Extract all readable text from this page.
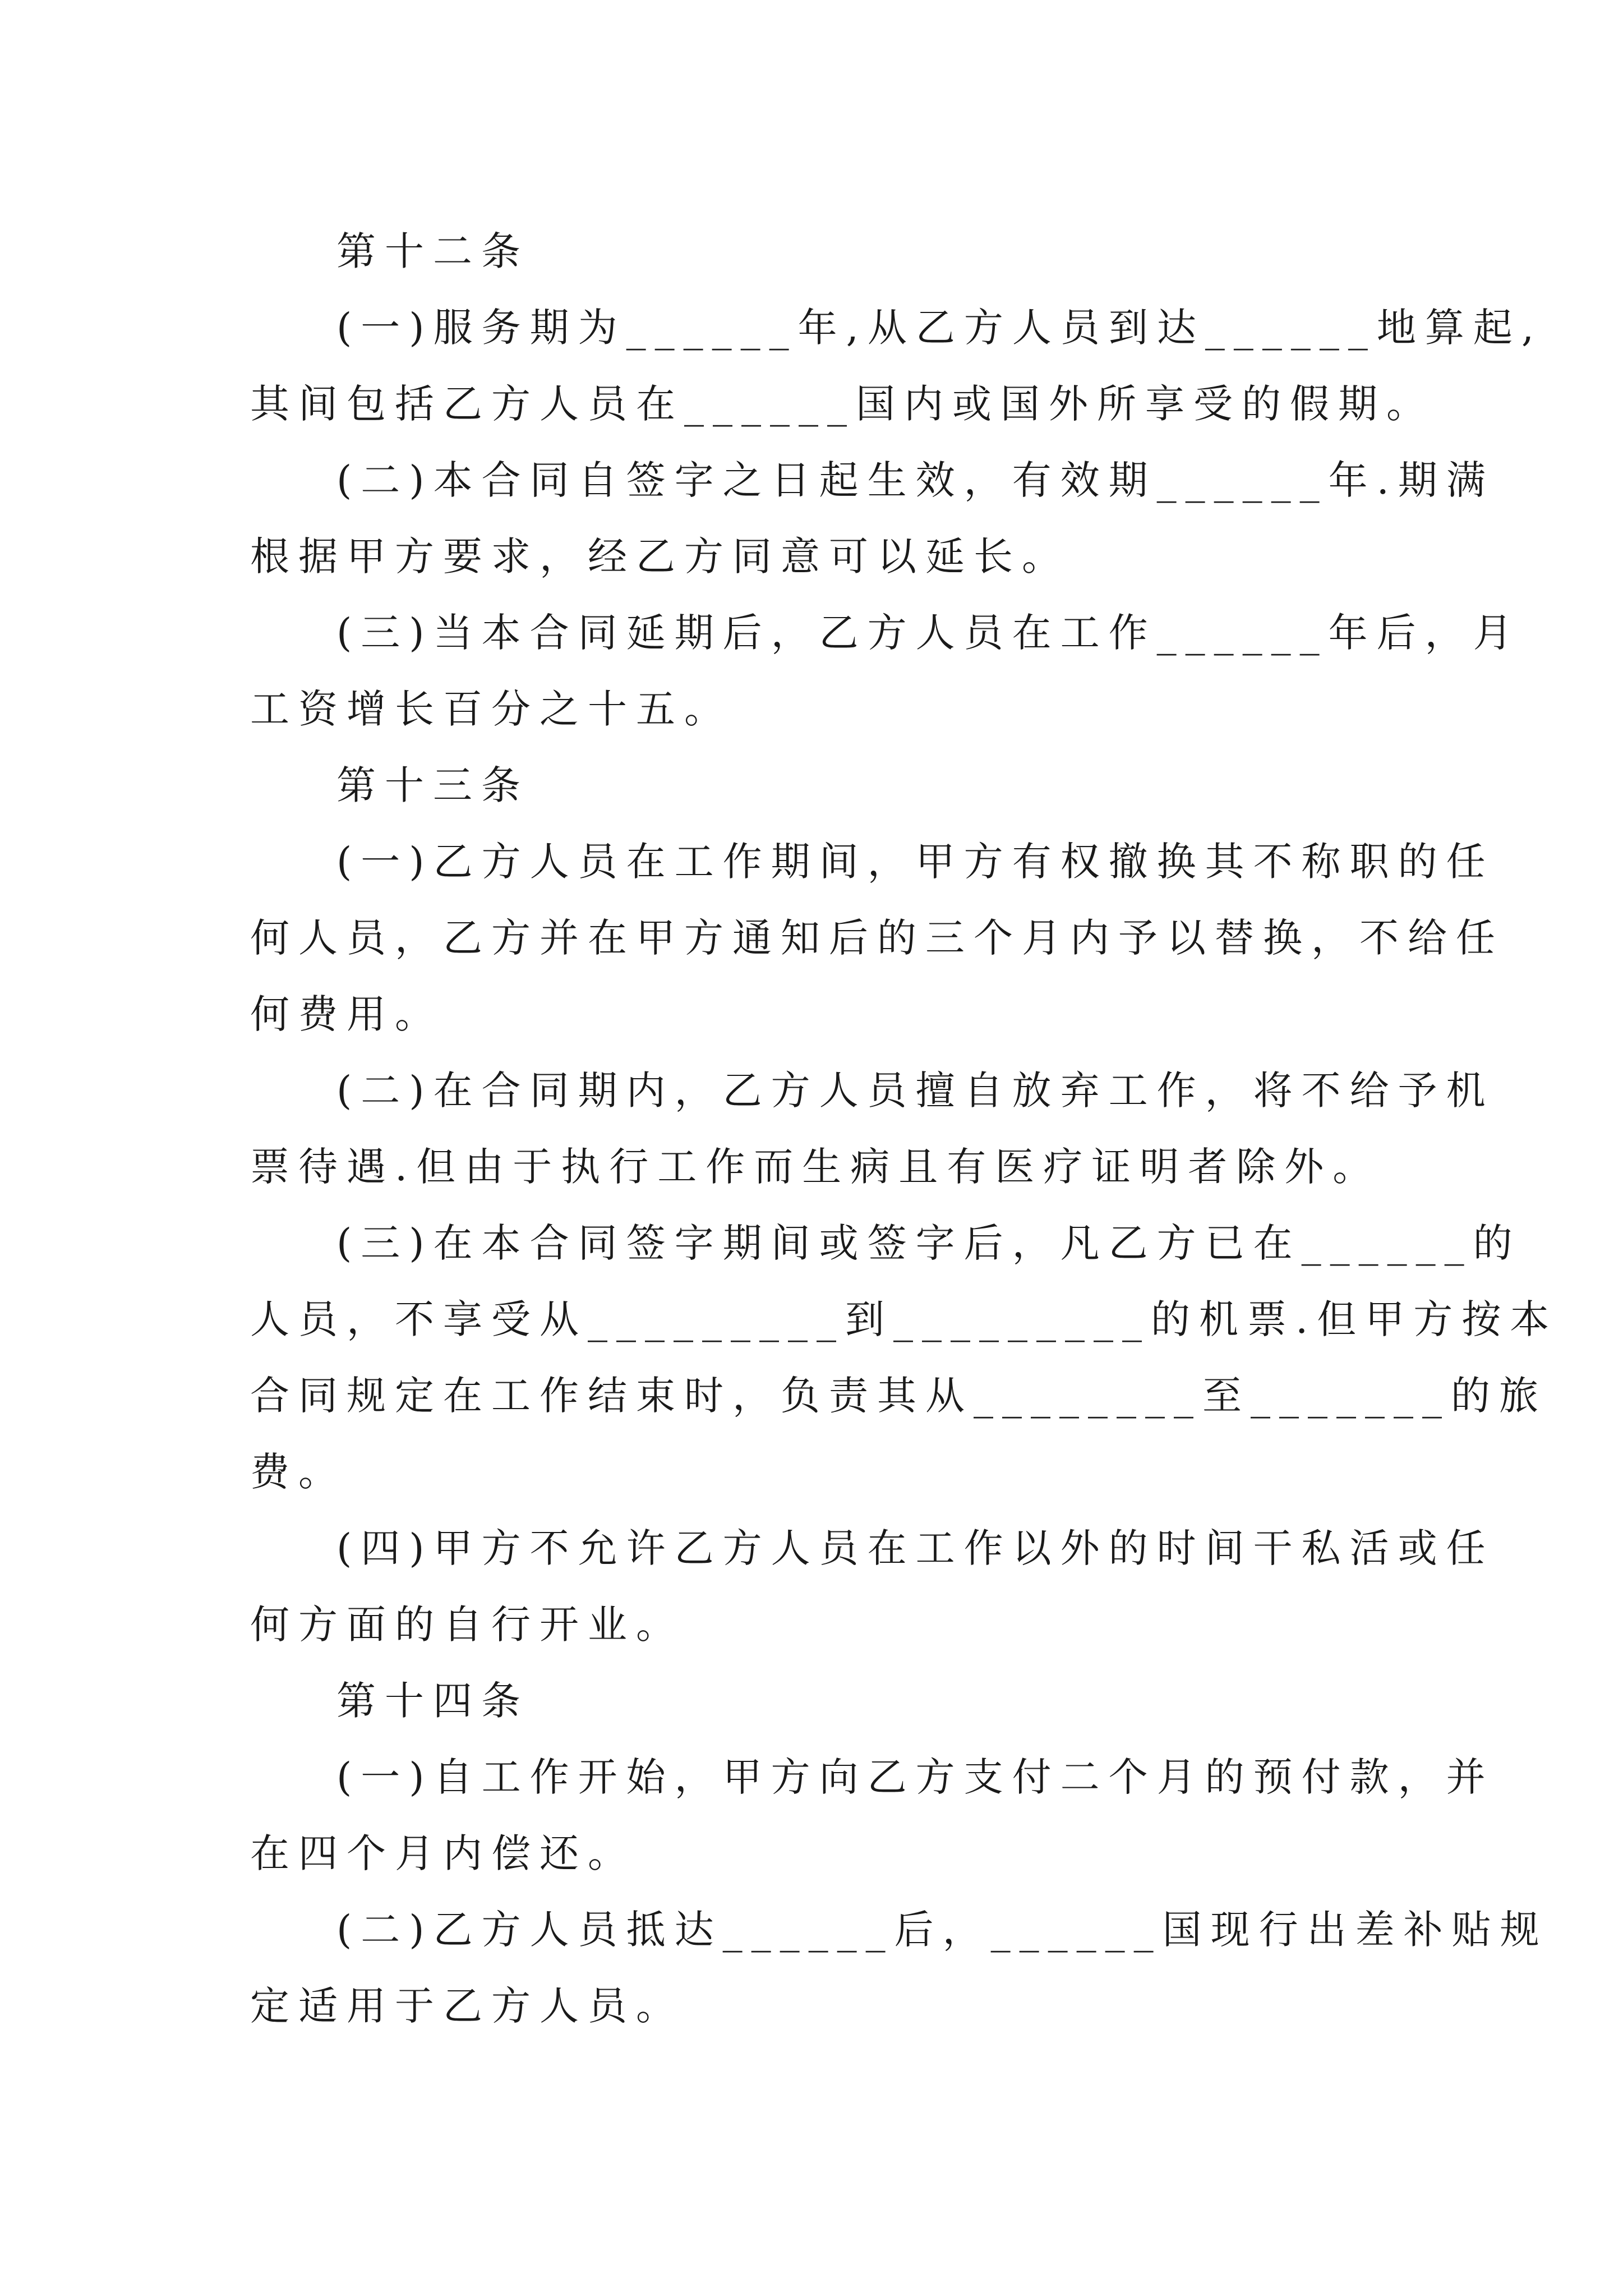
第十二条
(一)服务期为______年,从乙方人员到达______地算起,
其间包括乙方人员在______国内或国外所享受的假期。
(二)本合同自签字之日起生效，有效期______年.期满
根据甲方要求，经乙方同意可以延长。
(三)当本合同延期后，乙方人员在工作______年后，月
工资增长百分之十五。
第十三条
(一)乙方人员在工作期间，甲方有权撤换其不称职的任
何人员，乙方并在甲方通知后的三个月内予以替换，不给任
何费用。
(二)在合同期内，乙方人员擅自放弃工作，将不给予机
票待遇.但由于执行工作而生病且有医疗证明者除外。
(三)在本合同签字期间或签字后，凡乙方已在______的
人员，不享受从_________到_________的机票.但甲方按本
合同规定在工作结束时，负责其从________至_______的旅
费。
(四)甲方不允许乙方人员在工作以外的时间干私活或任
何方面的自行开业。
第十四条
(一)自工作开始，甲方向乙方支付二个月的预付款，并
在四个月内偿还。
(二)乙方人员抵达______后，______国现行出差补贴规
定适用于乙方人员。
